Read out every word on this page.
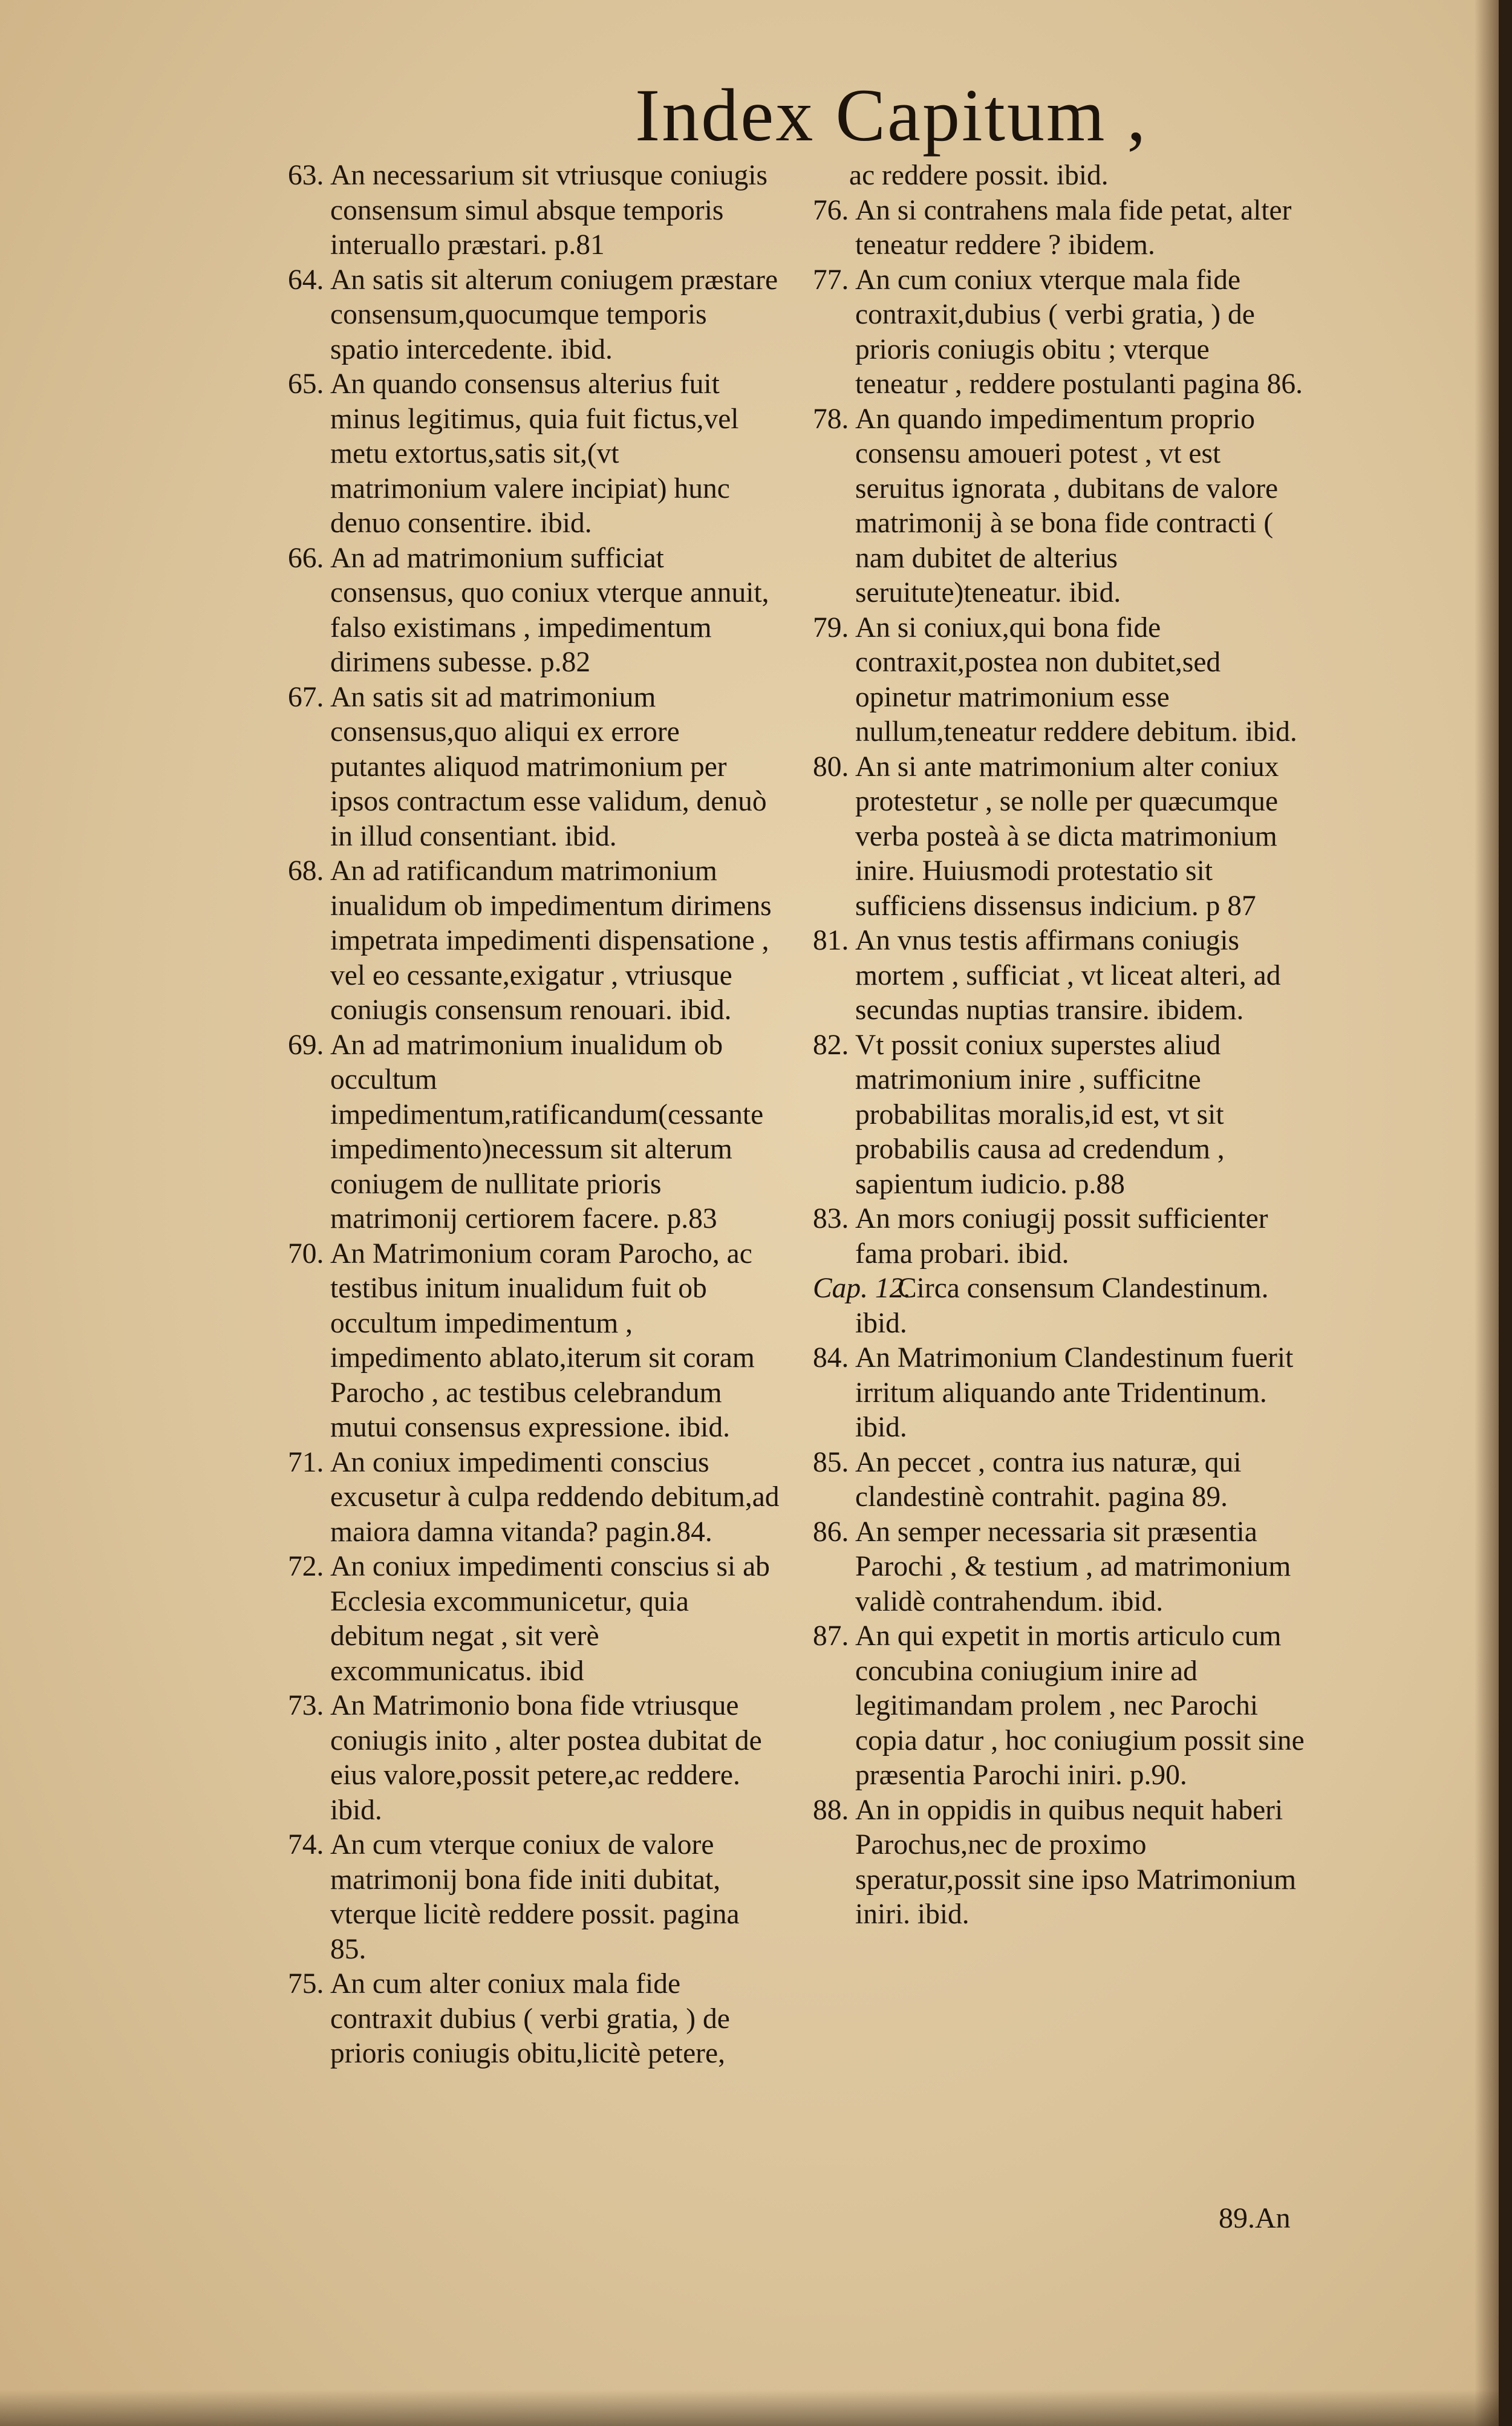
Index Capitum ,

63. An necessarium sit vtriusque coniugis consensum simul absque temporis interuallo præstari. p.81

64. An satis sit alterum coniugem præstare consensum,quocumque temporis spatio intercedente. ibid.

65. An quando consensus alterius fuit minus legitimus, quia fuit fictus,vel metu extortus,satis sit,(vt matrimonium valere incipiat) hunc denuo consentire. ibid.

66. An ad matrimonium sufficiat consensus, quo coniux vterque annuit, falso existimans , impedimentum dirimens subesse. p.82

67. An satis sit ad matrimonium consensus,quo aliqui ex errore putantes aliquod matrimonium per ipsos contractum esse validum, denuò in illud consentiant. ibid.

68. An ad ratificandum matrimonium inualidum ob impedimentum dirimens impetrata impedimenti dispensatione , vel eo cessante,exigatur , vtriusque coniugis consensum renouari. ibid.

69. An ad matrimonium inualidum ob occultum impedimentum,ratificandum(cessante impedimento)necessum sit alterum coniugem de nullitate prioris matrimonij certiorem facere. p.83

70. An Matrimonium coram Parocho, ac testibus initum inualidum fuit ob occultum impedimentum , impedimento ablato,iterum sit coram Parocho , ac testibus celebrandum mutui consensus expressione. ibid.

71. An coniux impedimenti conscius excusetur à culpa reddendo debitum,ad maiora damna vitanda? pagin.84.

72. An coniux impedimenti conscius si ab Ecclesia excommunicetur, quia debitum negat , sit verè excommunicatus. ibid

73. An Matrimonio bona fide vtriusque coniugis inito , alter postea dubitat de eius valore,possit petere,ac reddere. ibid.

74. An cum vterque coniux de valore matrimonij bona fide initi dubitat, vterque licitè reddere possit. pagina 85.

75. An cum alter coniux mala fide contraxit dubius ( verbi gratia, ) de prioris coniugis obitu,licitè petere,

ac reddere possit. ibid.

76. An si contrahens mala fide petat, alter teneatur reddere ? ibidem.

77. An cum coniux vterque mala fide contraxit,dubius ( verbi gratia, ) de prioris coniugis obitu ; vterque teneatur , reddere postulanti pagina 86.

78. An quando impedimentum proprio consensu amoueri potest , vt est seruitus ignorata , dubitans de valore matrimonij à se bona fide contracti ( nam dubitet de alterius seruitute)teneatur. ibid.

79. An si coniux,qui bona fide contraxit,postea non dubitet,sed opinetur matrimonium esse nullum,teneatur reddere debitum. ibid.

80. An si ante matrimonium alter coniux protestetur , se nolle per quæcumque verba posteà à se dicta matrimonium inire. Huiusmodi protestatio sit sufficiens dissensus indicium. p 87

81. An vnus testis affirmans coniugis mortem , sufficiat , vt liceat alteri, ad secundas nuptias transire. ibidem.

82. Vt possit coniux superstes aliud matrimonium inire , sufficitne probabilitas moralis,id est, vt sit probabilis causa ad credendum , sapientum iudicio. p.88

83. An mors coniugij possit sufficienter fama probari. ibid.

Cap. 12.
Circa consensum Clandestinum. ibid.

84. An Matrimonium Clandestinum fuerit irritum aliquando ante Tridentinum. ibid.

85. An peccet , contra ius naturæ, qui clandestinè contrahit. pagina 89.

86. An semper necessaria sit præsentia Parochi , & testium , ad matrimonium validè contrahendum. ibid.

87. An qui expetit in mortis articulo cum concubina coniugium inire ad legitimandam prolem , nec Parochi copia datur , hoc coniugium possit sine præsentia Parochi iniri. p.90.

88. An in oppidis in quibus nequit haberi Parochus,nec de proximo speratur,possit sine ipso Matrimonium iniri. ibid.

89.An
